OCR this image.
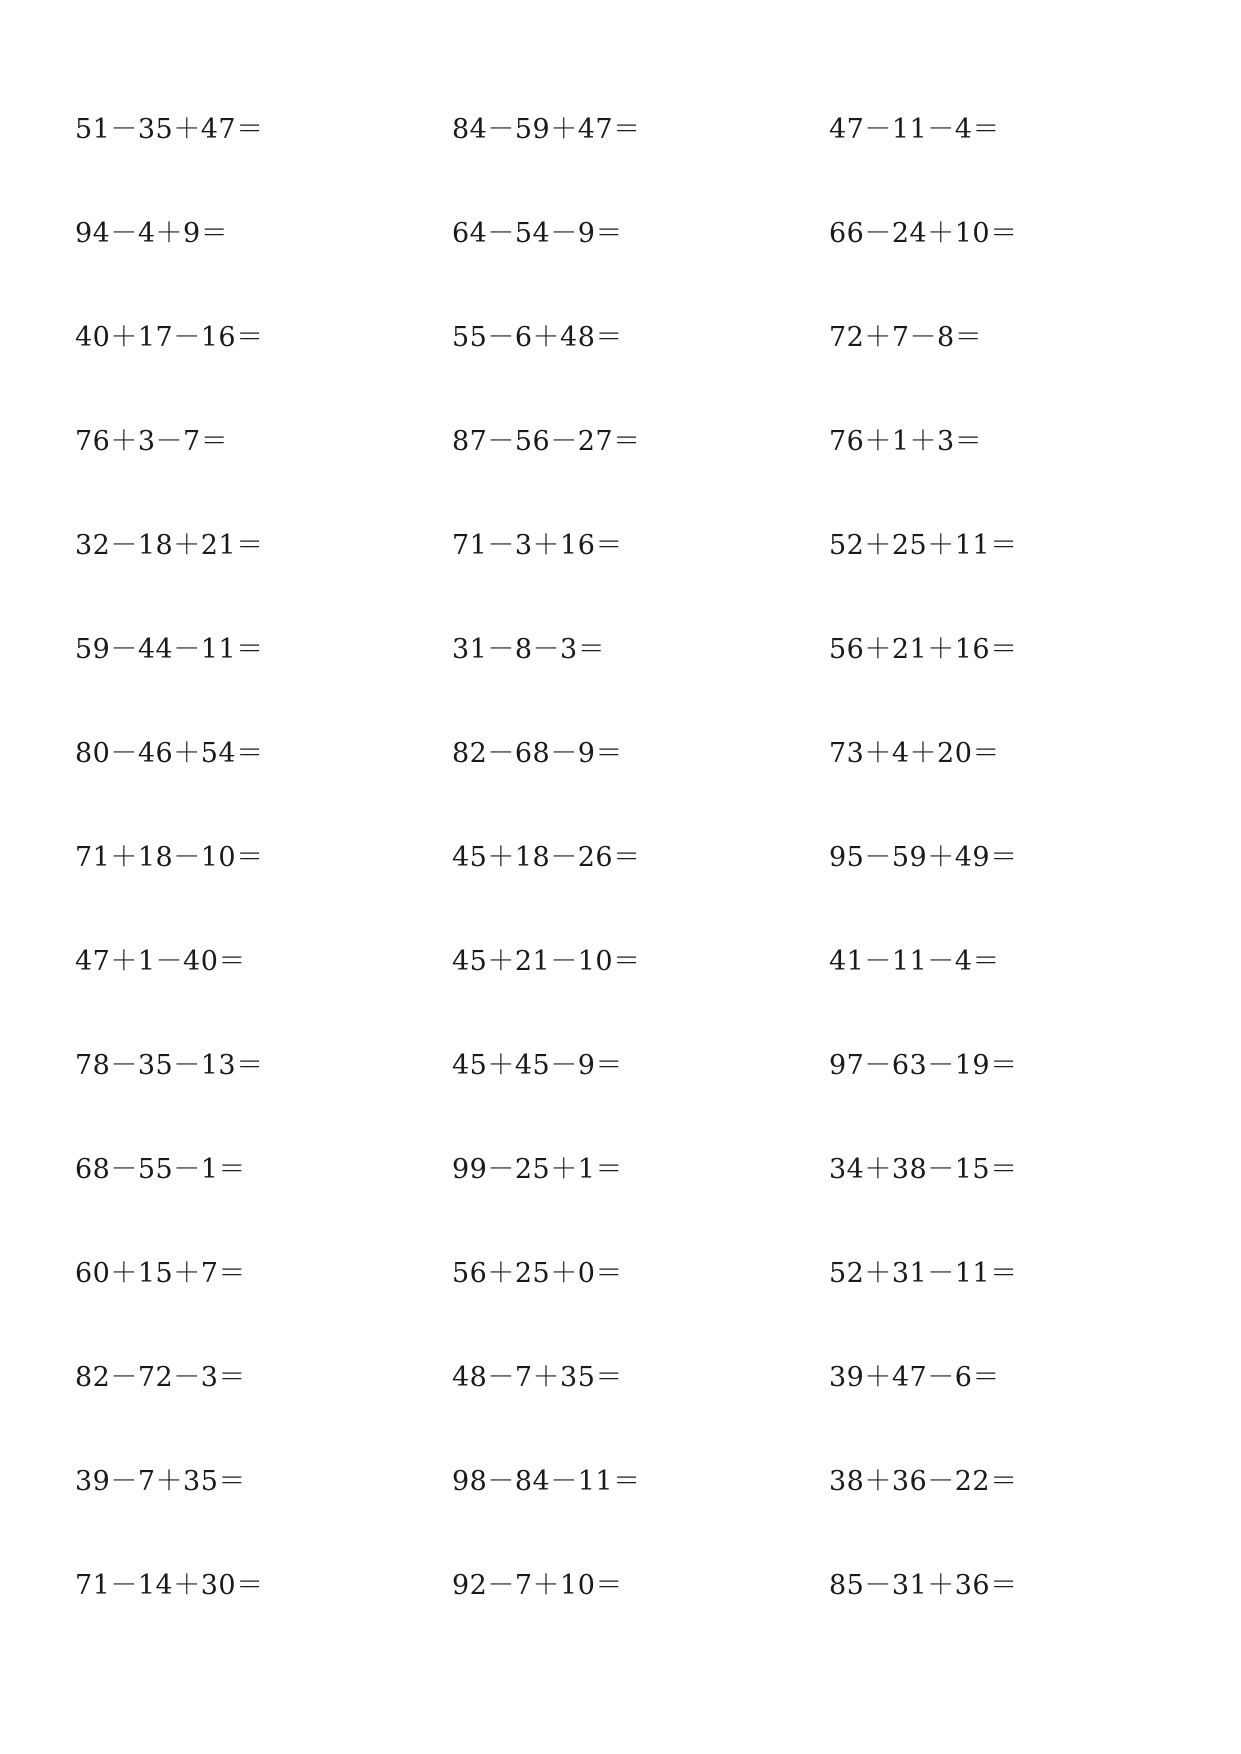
51－35＋47＝	84－59＋47＝	47－11－4＝
94－4＋9＝	64－54－9＝	66－24＋10＝
40＋17－16＝	55－6＋48＝	72＋7－8＝
76＋3－7＝	87－56－27＝	76＋1＋3＝
32－18＋21＝	71－3＋16＝	52＋25＋11＝
59－44－11＝	31－8－3＝	56＋21＋16＝
80－46＋54＝	82－68－9＝	73＋4＋20＝
71＋18－10＝	45＋18－26＝	95－59＋49＝
47＋1－40＝	45＋21－10＝	41－11－4＝
78－35－13＝	45＋45－9＝	97－63－19＝
68－55－1＝	99－25＋1＝	34＋38－15＝
60＋15＋7＝	56＋25＋0＝	52＋31－11＝
82－72－3＝	48－7＋35＝	39＋47－6＝
39－7＋35＝	98－84－11＝	38＋36－22＝
71－14＋30＝	92－7＋10＝	85－31＋36＝
